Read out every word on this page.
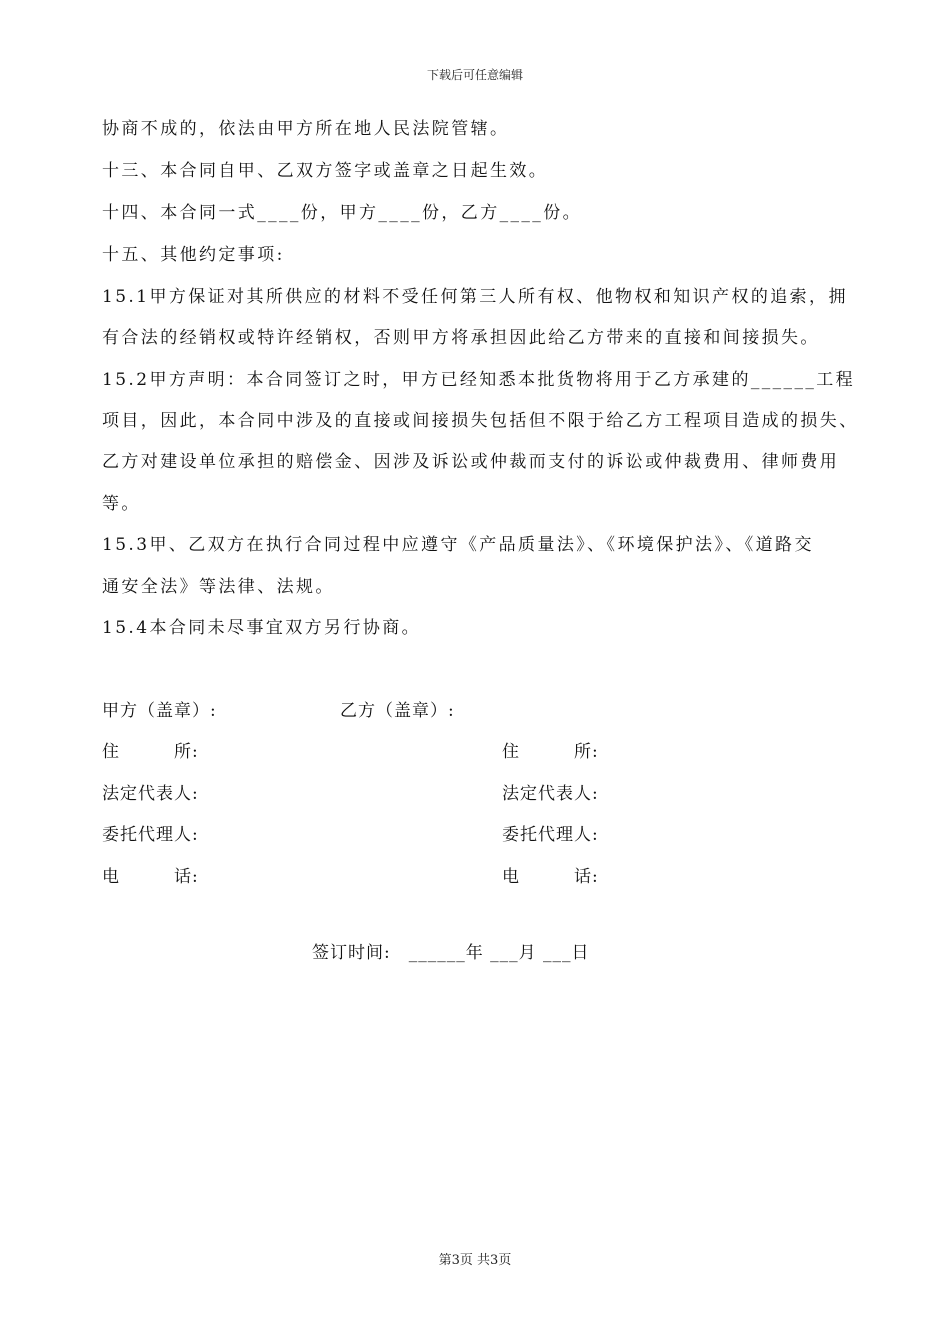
下载后可任意编辑
协商不成的，依法由甲方所在地人民法院管辖。
十三、本合同自甲、乙双方签字或盖章之日起生效。
十四、本合同一式____份，甲方____份，乙方____份。
十五、其他约定事项:
15.1甲方保证对其所供应的材料不受任何第三人所有权、他物权和知识产权的追索，拥
有合法的经销权或特许经销权，否则甲方将承担因此给乙方带来的直接和间接损失。
15.2甲方声明：本合同签订之时，甲方已经知悉本批货物将用于乙方承建的______工程
项目，因此，本合同中涉及的直接或间接损失包括但不限于给乙方工程项目造成的损失、
乙方对建设单位承担的赔偿金、因涉及诉讼或仲裁而支付的诉讼或仲裁费用、律师费用
等。
15.3甲、乙双方在执行合同过程中应遵守《产品质量法》、《环境保护法》、《道路交
通安全法》等法律、法规。
15.4本合同未尽事宜双方另行协商。
甲方（盖章）:	乙方（盖章）:
住　　　所:	住　　　所:
法定代表人:	法定代表人:
委托代理人:	委托代理人:
电　　　话:	电　　　话:
签订时间:　______年 ___月 ___日
第3页 共3页
